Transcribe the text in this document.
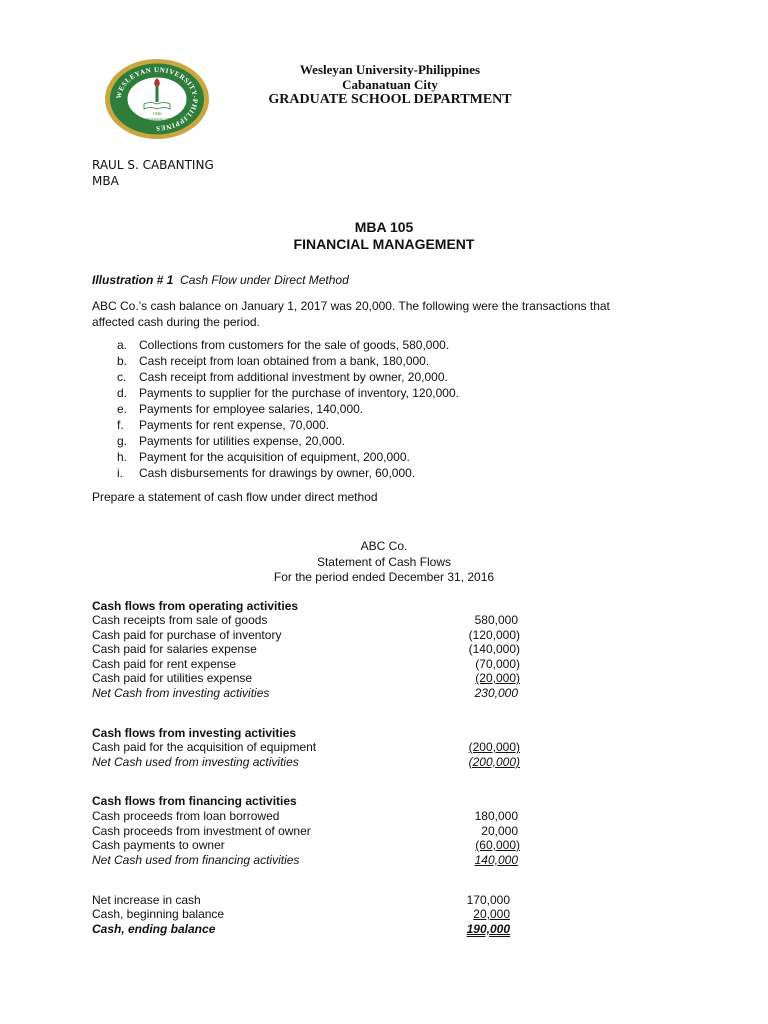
WESLEYAN UNIVERSITY-PHILIPPINES
1946
CABANATUAN CITY
Wesleyan University-Philippines
Cabanatuan City
GRADUATE SCHOOL DEPARTMENT
RAUL S. CABANTING
MBA
MBA 105
FINANCIAL MANAGEMENT
Illustration # 1 Cash Flow under Direct Method
ABC Co.’s cash balance on January 1, 2017 was 20,000. The following were the transactions that
affected cash during the period.
a. Collections from customers for the sale of goods, 580,000.
b. Cash receipt from loan obtained from a bank, 180,000.
c. Cash receipt from additional investment by owner, 20,000.
d. Payments to supplier for the purchase of inventory, 120,000.
e. Payments for employee salaries, 140,000.
f. Payments for rent expense, 70,000.
g. Payments for utilities expense, 20,000.
h. Payment for the acquisition of equipment, 200,000.
i. Cash disbursements for drawings by owner, 60,000.
Prepare a statement of cash flow under direct method
ABC Co.
Statement of Cash Flows
For the period ended December 31, 2016
Cash flows from operating activities
Cash receipts from sale of goods	580,000
Cash paid for purchase of inventory	(120,000)
Cash paid for salaries expense	(140,000)
Cash paid for rent expense	(70,000)
Cash paid for utilities expense	(20,000)
Net Cash from investing activities	230,000
Cash flows from investing activities
Cash paid for the acquisition of equipment	(200,000)
Net Cash used from investing activities	(200,000)
Cash flows from financing activities
Cash proceeds from loan borrowed	180,000
Cash proceeds from investment of owner	20,000
Cash payments to owner	(60,000)
Net Cash used from financing activities	140,000
Net increase in cash	170,000
Cash, beginning balance	20,000
Cash, ending balance	190,000
